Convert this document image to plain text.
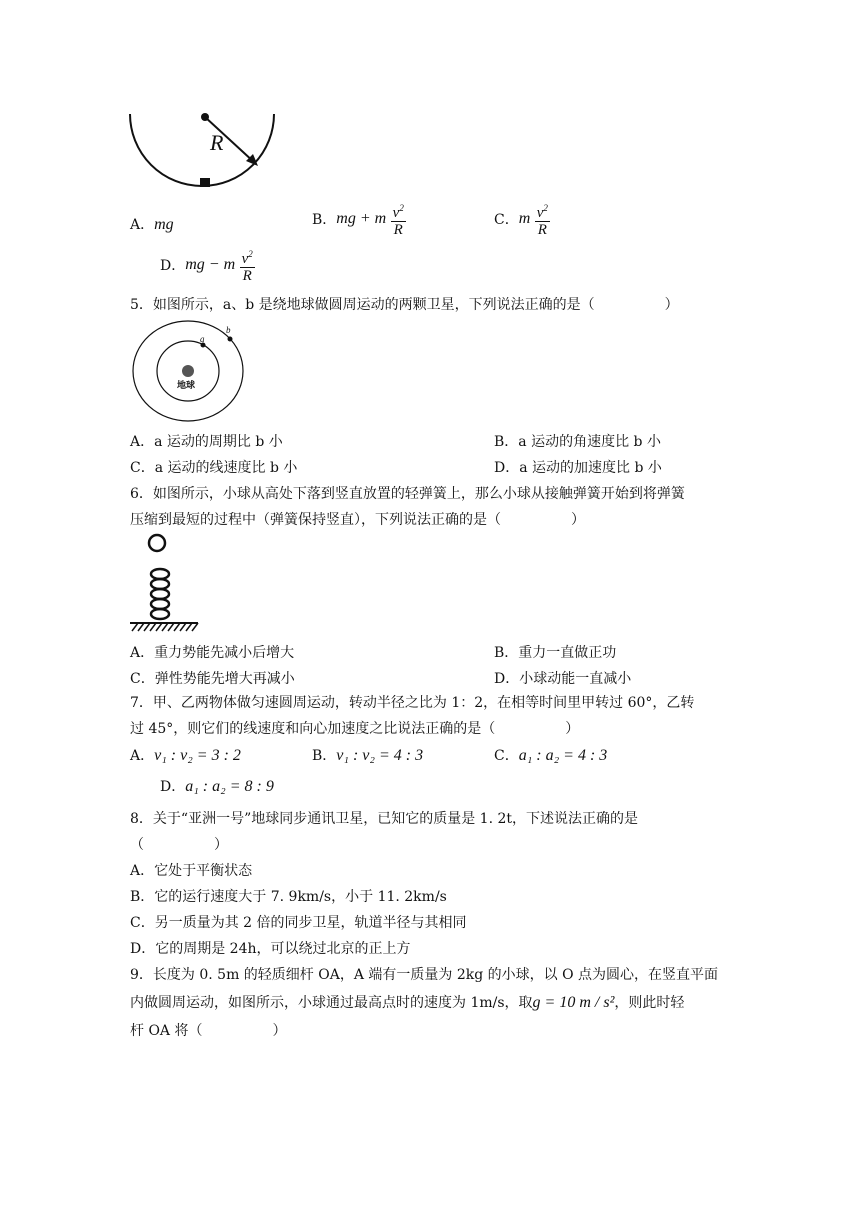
R
A．mg	B．mg + m $\frac{v^2}{R}$	C．m $\frac{v^2}{R}$
D．mg − m $\frac{v^2}{R}$
5．如图所示，a、b 是绕地球做圆周运动的两颗卫星，下列说法正确的是（　　　　　）
地球
a
b
A．a 运动的周期比 b 小	B．a 运动的角速度比 b 小
C．a 运动的线速度比 b 小	D．a 运动的加速度比 b 小
6．如图所示，小球从高处下落到竖直放置的轻弹簧上，那么小球从接触弹簧开始到将弹簧
压缩到最短的过程中（弹簧保持竖直），下列说法正确的是（　　　　　）
A．重力势能先减小后增大	B．重力一直做正功
C．弹性势能先增大再减小	D．小球动能一直减小
7．甲、乙两物体做匀速圆周运动，转动半径之比为 1：2，在相等时间里甲转过 60°，乙转
过 45°，则它们的线速度和向心加速度之比说法正确的是（　　　　　）
A．v₁ : v₂ = 3 : 2	B．v₁ : v₂ = 4 : 3	C．a₁ : a₂ = 4 : 3
D．a₁ : a₂ = 8 : 9
8．关于“亚洲一号”地球同步通讯卫星，已知它的质量是 1. 2t，下述说法正确的是
（　　　　　）
A．它处于平衡状态
B．它的运行速度大于 7. 9km/s，小于 11. 2km/s
C．另一质量为其 2 倍的同步卫星，轨道半径与其相同
D．它的周期是 24h，可以绕过北京的正上方
9．长度为 0. 5m 的轻质细杆 OA，A 端有一质量为 2kg 的小球，以 O 点为圆心，在竖直平面
内做圆周运动，如图所示，小球通过最高点时的速度为 1m/s，取g = 10 m / s²，则此时轻
杆 OA 将（　　　　　）
